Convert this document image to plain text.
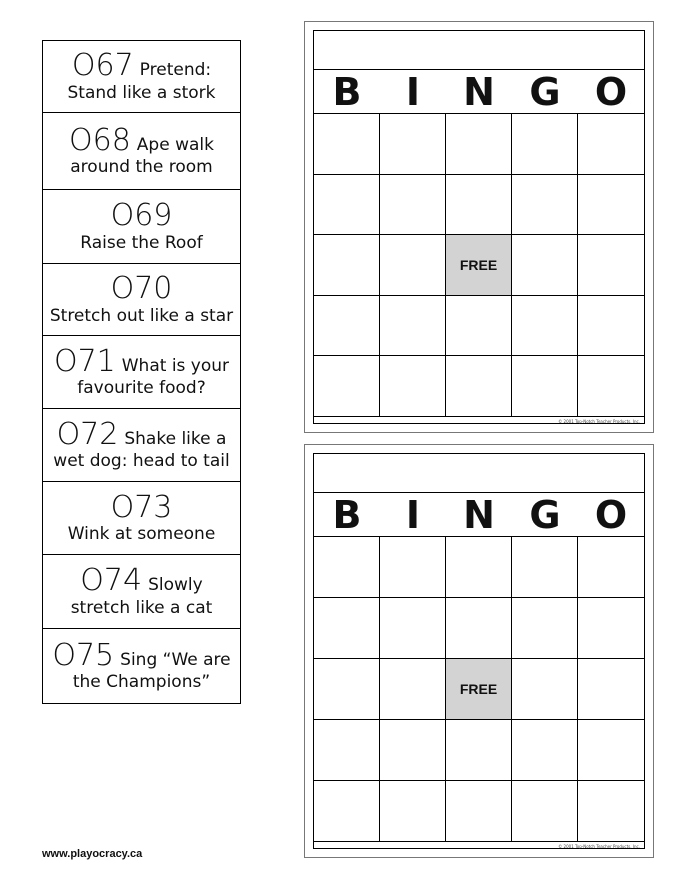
O67 Pretend:
Stand like a stork
O68 Ape walk
around the room
O69
Raise the Roof
O70
Stretch out like a star
O71 What is your
favourite food?
O72 Shake like a
wet dog: head to tail
O73
Wink at someone
O74 Slowly
stretch like a cat
O75 Sing “We are
the Champions”
B	I	N G O
FREE
© 2001 Top-Notch Teacher Products, Inc.
B	I	N G O
FREE
© 2001 Top-Notch Teacher Products, Inc.
www.playocracy.ca
